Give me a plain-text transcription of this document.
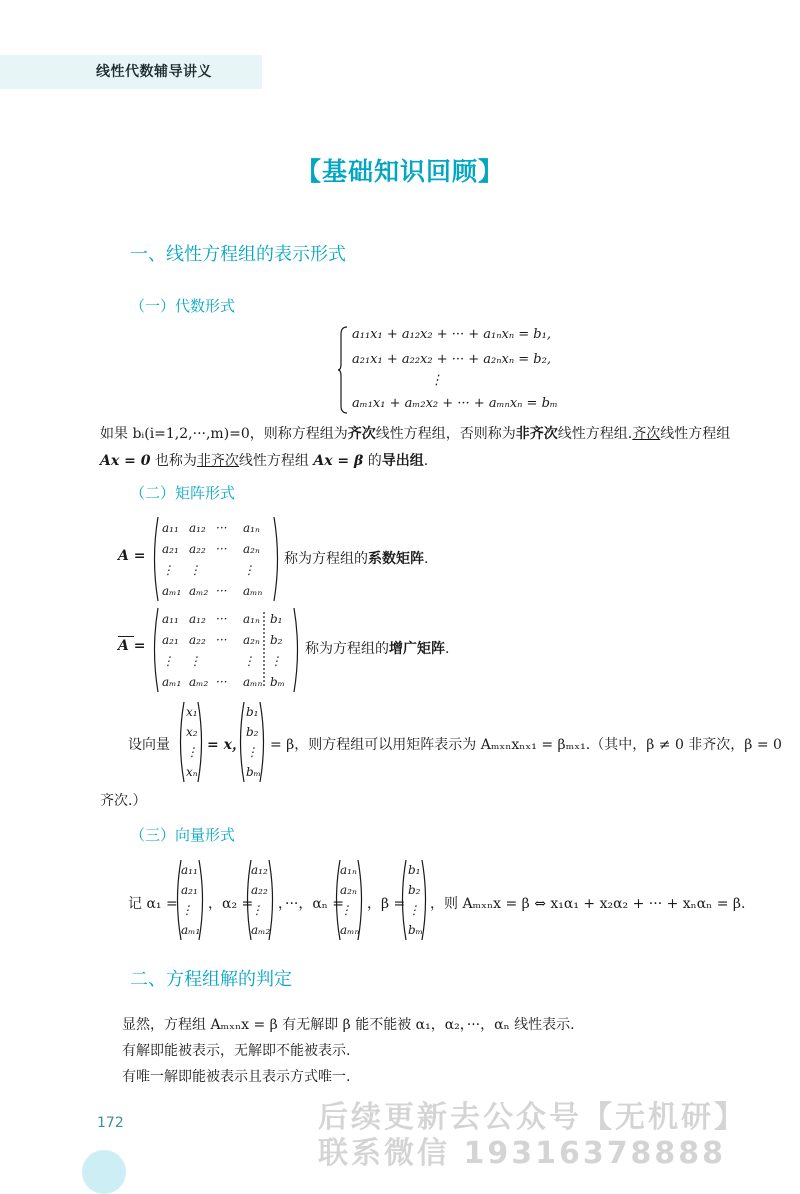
线性代数辅导讲义
【基础知识回顾】
一、线性方程组的表示形式
（一）代数形式
a₁₁x₁ + a₁₂x₂ + ··· + a₁ₙxₙ = b₁,
a₂₁x₁ + a₂₂x₂ + ··· + a₂ₙxₙ = b₂,
⋮
aₘ₁x₁ + aₘ₂x₂ + ··· + aₘₙxₙ = bₘ
如果 bᵢ(i=1,2,···,m)=0，则称方程组为齐次线性方程组，否则称为非齐次线性方程组.齐次线性方程组
Ax = 0 也称为非齐次线性方程组 Ax = β 的导出组.
（二）矩阵形式
A =
a₁₁ a₁₂ ··· a₁ₙ
a₂₁ a₂₂ ··· a₂ₙ
⋮ ⋮	⋮
aₘ₁ aₘ₂ ··· aₘₙ
称为方程组的系数矩阵.
A =
a₁₁ a₁₂ ··· a₁ₙ b₁
a₂₁ a₂₂ ··· a₂ₙ b₂
⋮ ⋮	⋮ ⋮
aₘ₁ aₘ₂ ··· aₘₙ bₘ
称为方程组的增广矩阵.
设向量
x₁
x₂
⋮
xₙ
= x，
b₁
b₂
⋮
bₘ
= β，则方程组可以用矩阵表示为 Aₘₓₙxₙₓ₁ = βₘₓ₁.（其中，β ≠ 0 非齐次，β = 0
齐次.）
（三）向量形式
记 α₁ =
a₁₁
a₂₁
⋮
aₘ₁
，α₂ =
a₁₂
a₂₂
⋮
aₘ₂
，···，αₙ =
a₁ₙ
a₂ₙ
⋮
aₘₙ
，β =
b₁
b₂
⋮
bₘ
，则 Aₘₓₙx = β ⇔ x₁α₁ + x₂α₂ + ··· + xₙαₙ = β.
二、方程组解的判定
显然，方程组 Aₘₓₙx = β 有无解即 β 能不能被 α₁，α₂，···，αₙ 线性表示.
有解即能被表示，无解即不能被表示.
有唯一解即能被表示且表示方式唯一.
172	后续更新去公众号【无机研】
联系微信 19316378888
